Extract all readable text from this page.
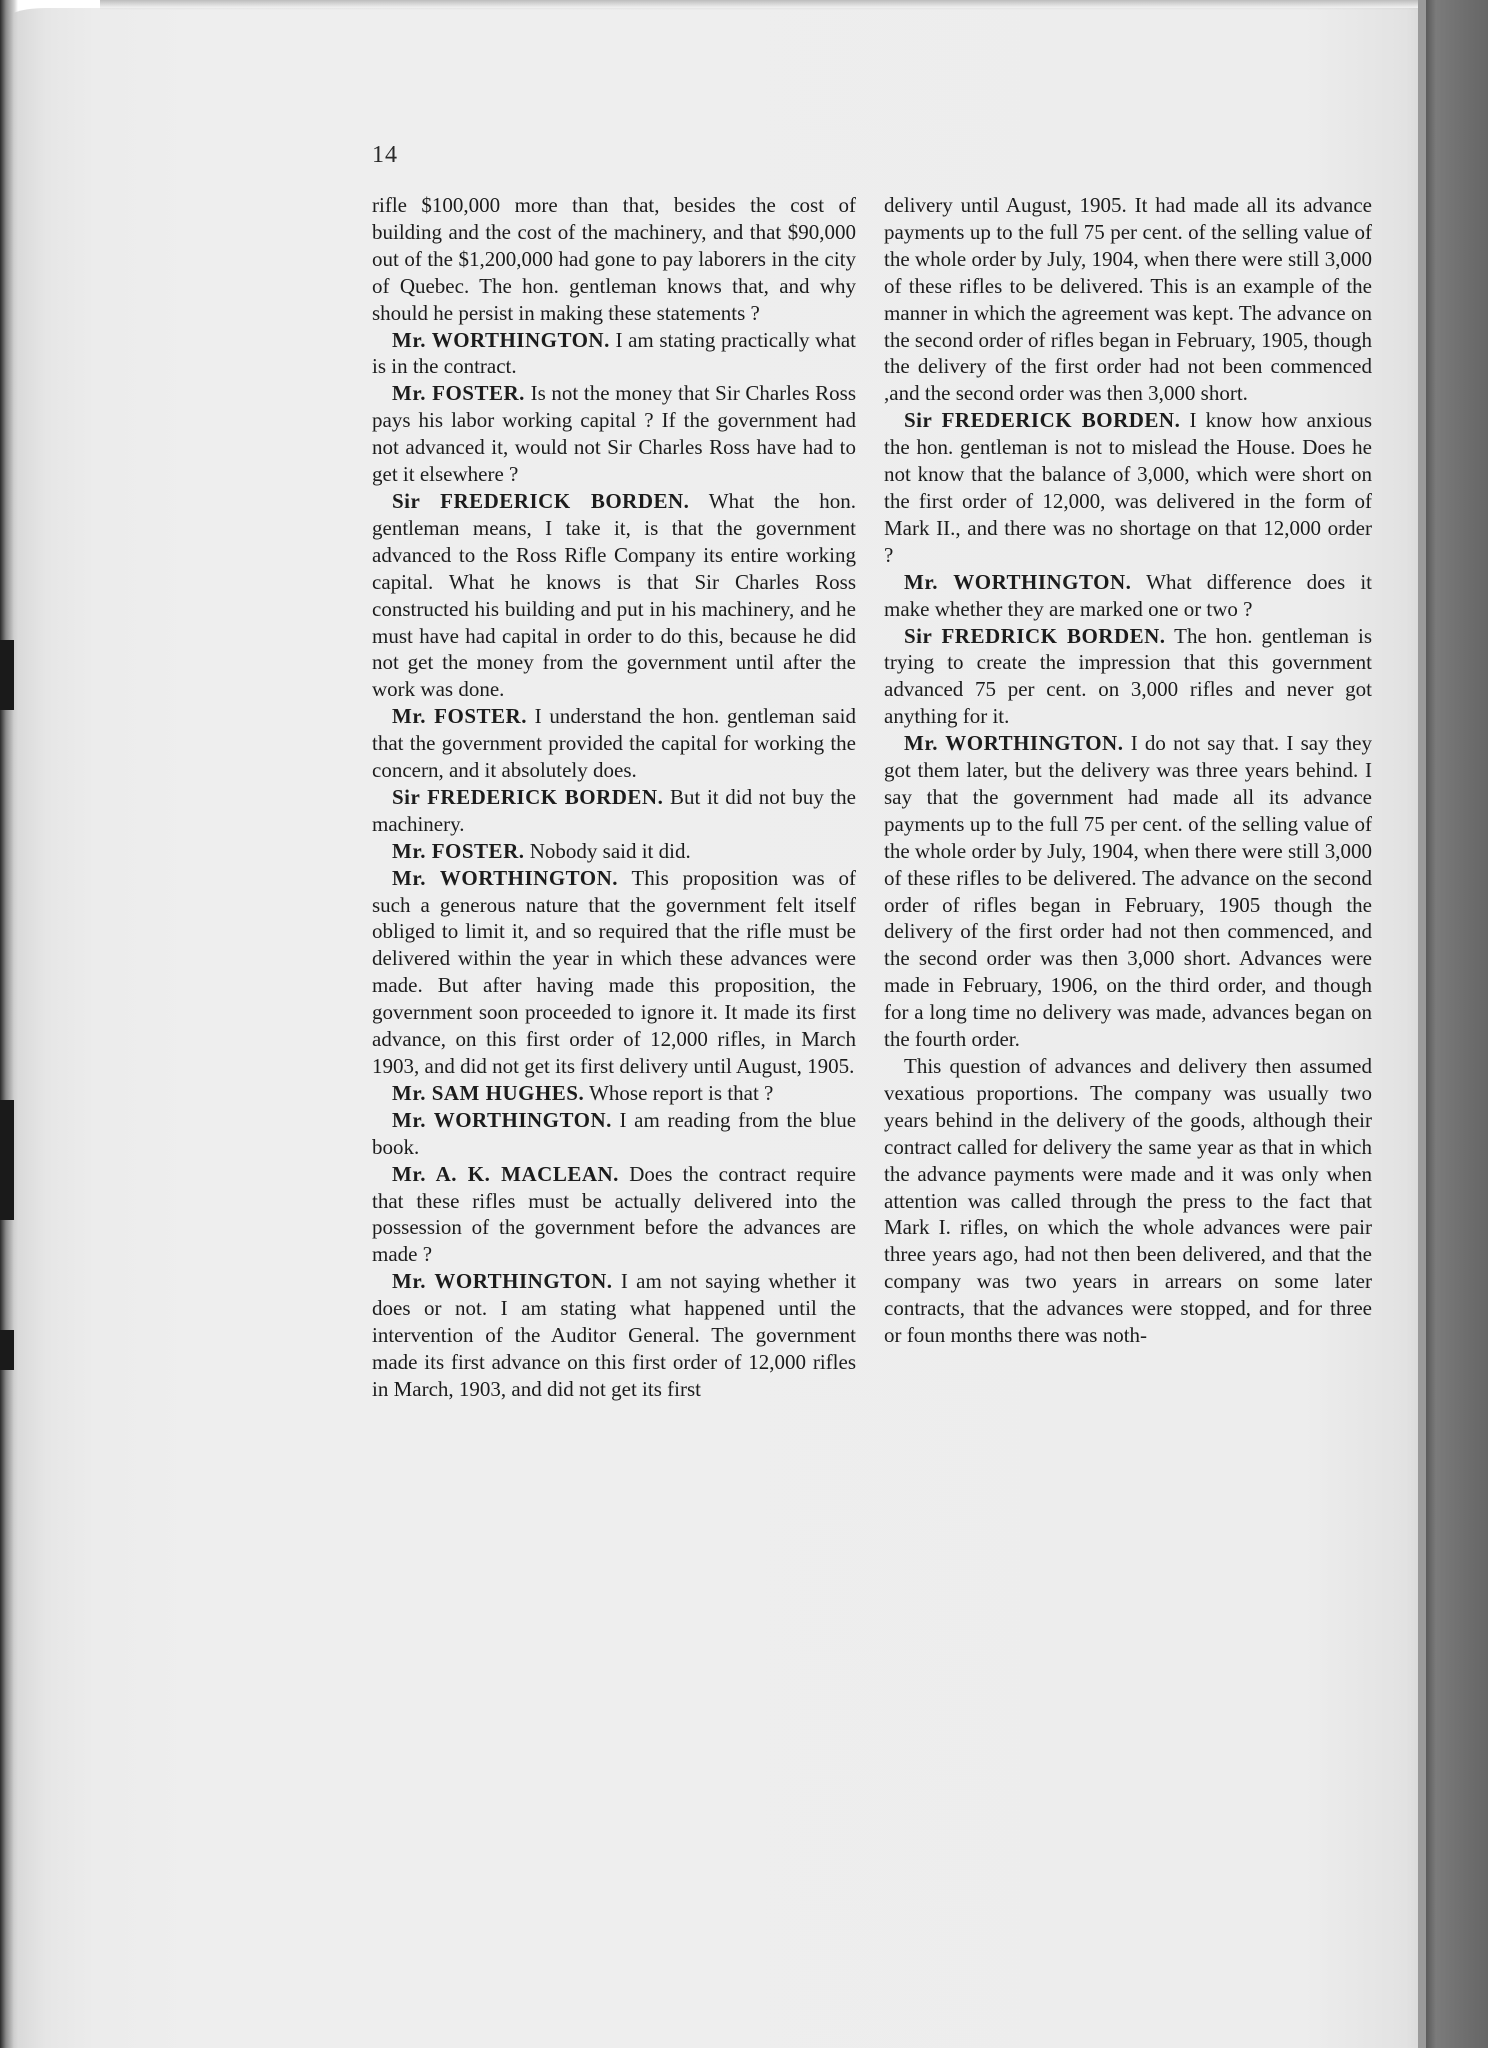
14

rifle $100,000 more than that, besides the cost of building and the cost of the machinery, and that $90,000 out of the $1,200,000 had gone to pay laborers in the city of Quebec. The hon. gentleman knows that, and why should he persist in making these statements ?

Mr. WORTHINGTON. I am stating practically what is in the contract.

Mr. FOSTER. Is not the money that Sir Charles Ross pays his labor working capital ? If the government had not advanced it, would not Sir Charles Ross have had to get it elsewhere ?

Sir FREDERICK BORDEN. What the hon. gentleman means, I take it, is that the government advanced to the Ross Rifle Company its entire working capital. What he knows is that Sir Charles Ross constructed his building and put in his machinery, and he must have had capital in order to do this, because he did not get the money from the government until after the work was done.

Mr. FOSTER. I understand the hon. gentleman said that the government provided the capital for working the concern, and it absolutely does.

Sir FREDERICK BORDEN. But it did not buy the machinery.

Mr. FOSTER. Nobody said it did.

Mr. WORTHINGTON. This proposition was of such a generous nature that the government felt itself obliged to limit it, and so required that the rifle must be delivered within the year in which these advances were made. But after having made this proposition, the government soon proceeded to ignore it. It made its first advance, on this first order of 12,000 rifles, in March 1903, and did not get its first delivery until August, 1905.

Mr. SAM HUGHES. Whose report is that ?

Mr. WORTHINGTON. I am reading from the blue book.

Mr. A. K. MACLEAN. Does the contract require that these rifles must be actually delivered into the possession of the government before the advances are made ?

Mr. WORTHINGTON. I am not saying whether it does or not. I am stating what happened until the intervention of the Auditor General. The government made its first advance on this first order of 12,000 rifles in March, 1903, and did not get its first

delivery until August, 1905. It had made all its advance payments up to the full 75 per cent. of the selling value of the whole order by July, 1904, when there were still 3,000 of these rifles to be delivered. This is an example of the manner in which the agreement was kept. The advance on the second order of rifles began in February, 1905, though the delivery of the first order had not been commenced ,and the second order was then 3,000 short.

Sir FREDERICK BORDEN. I know how anxious the hon. gentleman is not to mislead the House. Does he not know that the balance of 3,000, which were short on the first order of 12,000, was delivered in the form of Mark II., and there was no shortage on that 12,000 order ?

Mr. WORTHINGTON. What difference does it make whether they are marked one or two ?

Sir FREDRICK BORDEN. The hon. gentleman is trying to create the impression that this government advanced 75 per cent. on 3,000 rifles and never got anything for it.

Mr. WORTHINGTON. I do not say that. I say they got them later, but the delivery was three years behind. I say that the government had made all its advance payments up to the full 75 per cent. of the selling value of the whole order by July, 1904, when there were still 3,000 of these rifles to be delivered. The advance on the second order of rifles began in February, 1905 though the delivery of the first order had not then commenced, and the second order was then 3,000 short. Advances were made in February, 1906, on the third order, and though for a long time no delivery was made, advances began on the fourth order.

This question of advances and delivery then assumed vexatious proportions. The company was usually two years behind in the delivery of the goods, although their contract called for delivery the same year as that in which the advance payments were made and it was only when attention was called through the press to the fact that Mark I. rifles, on which the whole advances were pair three years ago, had not then been delivered, and that the company was two years in arrears on some later contracts, that the advances were stopped, and for three or foun months there was noth-
